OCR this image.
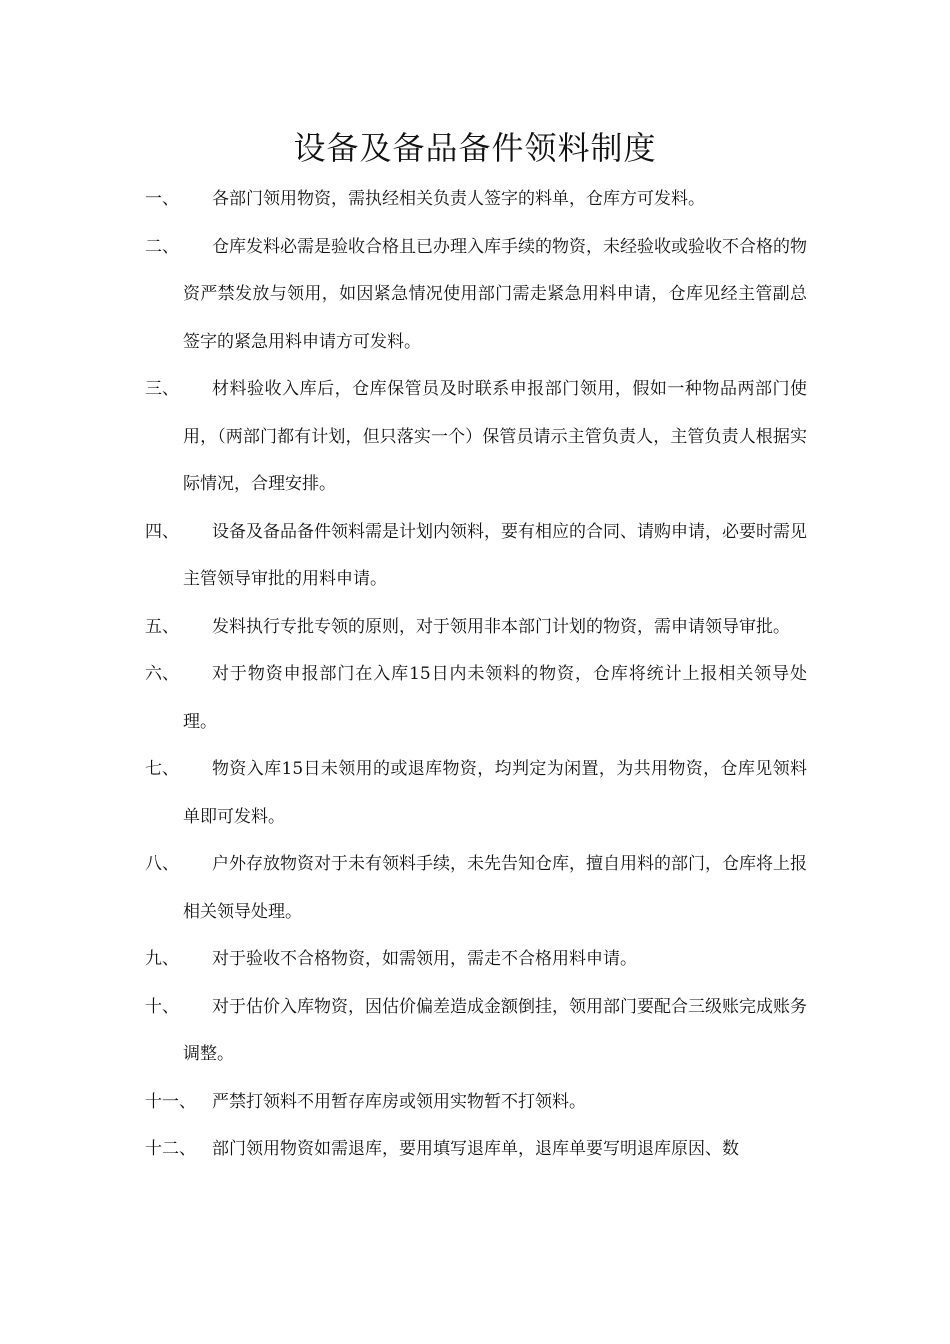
设备及备品备件领料制度
一、	各部门领用物资，需执经相关负责人签字的料单，仓库方可发料。

二、	仓库发料必需是验收合格且已办理入库手续的物资，未经验收或验收不合格的物资严禁发放与领用，如因紧急情况使用部门需走紧急用料申请，仓库见经主管副总签字的紧急用料申请方可发料。

三、	材料验收入库后，仓库保管员及时联系申报部门领用，假如一种物品两部门使用，（两部门都有计划，但只落实一个）保管员请示主管负责人，主管负责人根据实际情况，合理安排。

四、	设备及备品备件领料需是计划内领料，要有相应的合同、请购申请，必要时需见主管领导审批的用料申请。

五、	发料执行专批专领的原则，对于领用非本部门计划的物资，需申请领导审批。

六、	对于物资申报部门在入库15日内未领料的物资，仓库将统计上报相关领导处理。

七、	物资入库15日未领用的或退库物资，均判定为闲置，为共用物资，仓库见领料单即可发料。

八、	户外存放物资对于未有领料手续，未先告知仓库，擅自用料的部门，仓库将上报相关领导处理。

九、	对于验收不合格物资，如需领用，需走不合格用料申请。

十、	对于估价入库物资，因估价偏差造成金额倒挂，领用部门要配合三级账完成账务调整。

十一、 严禁打领料不用暂存库房或领用实物暂不打领料。

十二、 部门领用物资如需退库，要用填写退库单，退库单要写明退库原因、数
